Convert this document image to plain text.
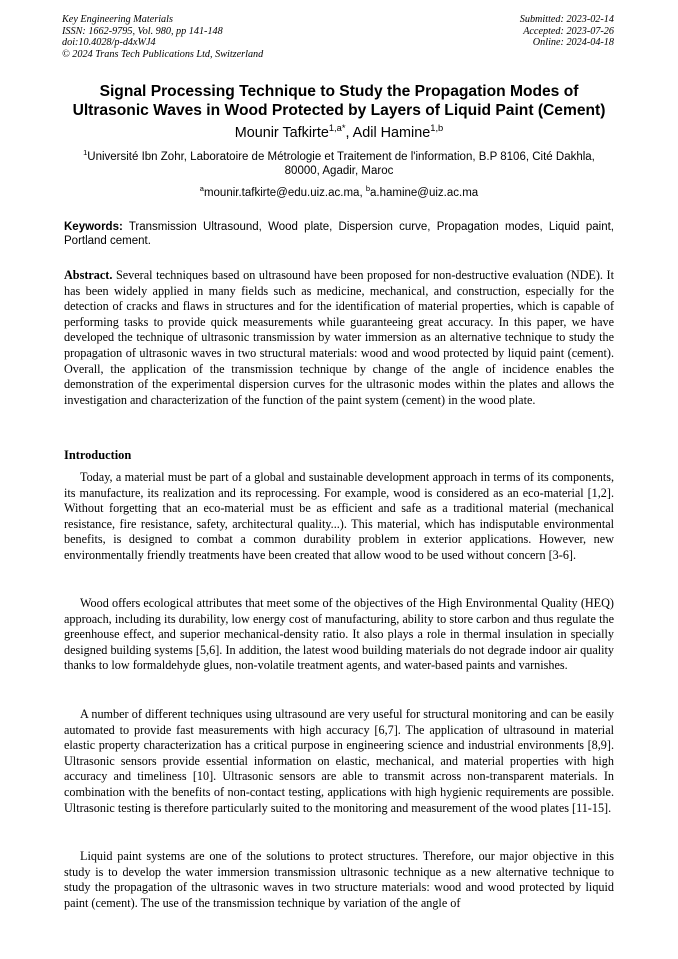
Key Engineering Materials
ISSN: 1662-9795, Vol. 980, pp 141-148
doi:10.4028/p-d4xWJ4
© 2024 Trans Tech Publications Ltd, Switzerland
Submitted: 2023-02-14
Accepted: 2023-07-26
Online: 2024-04-18
Signal Processing Technique to Study the Propagation Modes of
Ultrasonic Waves in Wood Protected by Layers of Liquid Paint (Cement)
Mounir Tafkirte$^{1,a*}$, Adil Hamine$^{1,b}$
$^1$Université Ibn Zohr, Laboratoire de Métrologie et Traitement de l'information, B.P 8106, Cité Dakhla, 80000, Agadir, Maroc
$^a$mounir.tafkirte@edu.uiz.ac.ma, $^b$a.hamine@uiz.ac.ma
Keywords: Transmission Ultrasound, Wood plate, Dispersion curve, Propagation modes, Liquid paint, Portland cement.
Abstract. Several techniques based on ultrasound have been proposed for non-destructive evaluation (NDE). It has been widely applied in many fields such as medicine, mechanical, and construction, especially for the detection of cracks and flaws in structures and for the identification of material properties, which is capable of performing tasks to provide quick measurements while guaranteeing great accuracy. In this paper, we have developed the technique of ultrasonic transmission by water immersion as an alternative technique to study the propagation of ultrasonic waves in two structural materials: wood and wood protected by liquid paint (cement). Overall, the application of the transmission technique by change of the angle of incidence enables the demonstration of the experimental dispersion curves for the ultrasonic modes within the plates and allows the investigation and characterization of the function of the paint system (cement) in the wood plate.
Introduction
Today, a material must be part of a global and sustainable development approach in terms of its components, its manufacture, its realization and its reprocessing. For example, wood is considered as an eco-material [1,2]. Without forgetting that an eco-material must be as efficient and safe as a traditional material (mechanical resistance, fire resistance, safety, architectural quality...). This material, which has indisputable environmental benefits, is designed to combat a common durability problem in exterior applications. However, new environmentally friendly treatments have been created that allow wood to be used without concern [3-6].
Wood offers ecological attributes that meet some of the objectives of the High Environmental Quality (HEQ) approach, including its durability, low energy cost of manufacturing, ability to store carbon and thus regulate the greenhouse effect, and superior mechanical-density ratio. It also plays a role in thermal insulation in specially designed building systems [5,6]. In addition, the latest wood building materials do not degrade indoor air quality thanks to low formaldehyde glues, non-volatile treatment agents, and water-based paints and varnishes.
A number of different techniques using ultrasound are very useful for structural monitoring and can be easily automated to provide fast measurements with high accuracy [6,7]. The application of ultrasound in material elastic property characterization has a critical purpose in engineering science and industrial environments [8,9]. Ultrasonic sensors provide essential information on elastic, mechanical, and material properties with high accuracy and timeliness [10]. Ultrasonic sensors are able to transmit across non-transparent materials. In combination with the benefits of non-contact testing, applications with high hygienic requirements are possible. Ultrasonic testing is therefore particularly suited to the monitoring and measurement of the wood plates [11-15].
Liquid paint systems are one of the solutions to protect structures. Therefore, our major objective in this study is to develop the water immersion transmission ultrasonic technique as a new alternative technique to study the propagation of the ultrasonic waves in two structure materials: wood and wood protected by liquid paint (cement). The use of the transmission technique by variation of the angle of
